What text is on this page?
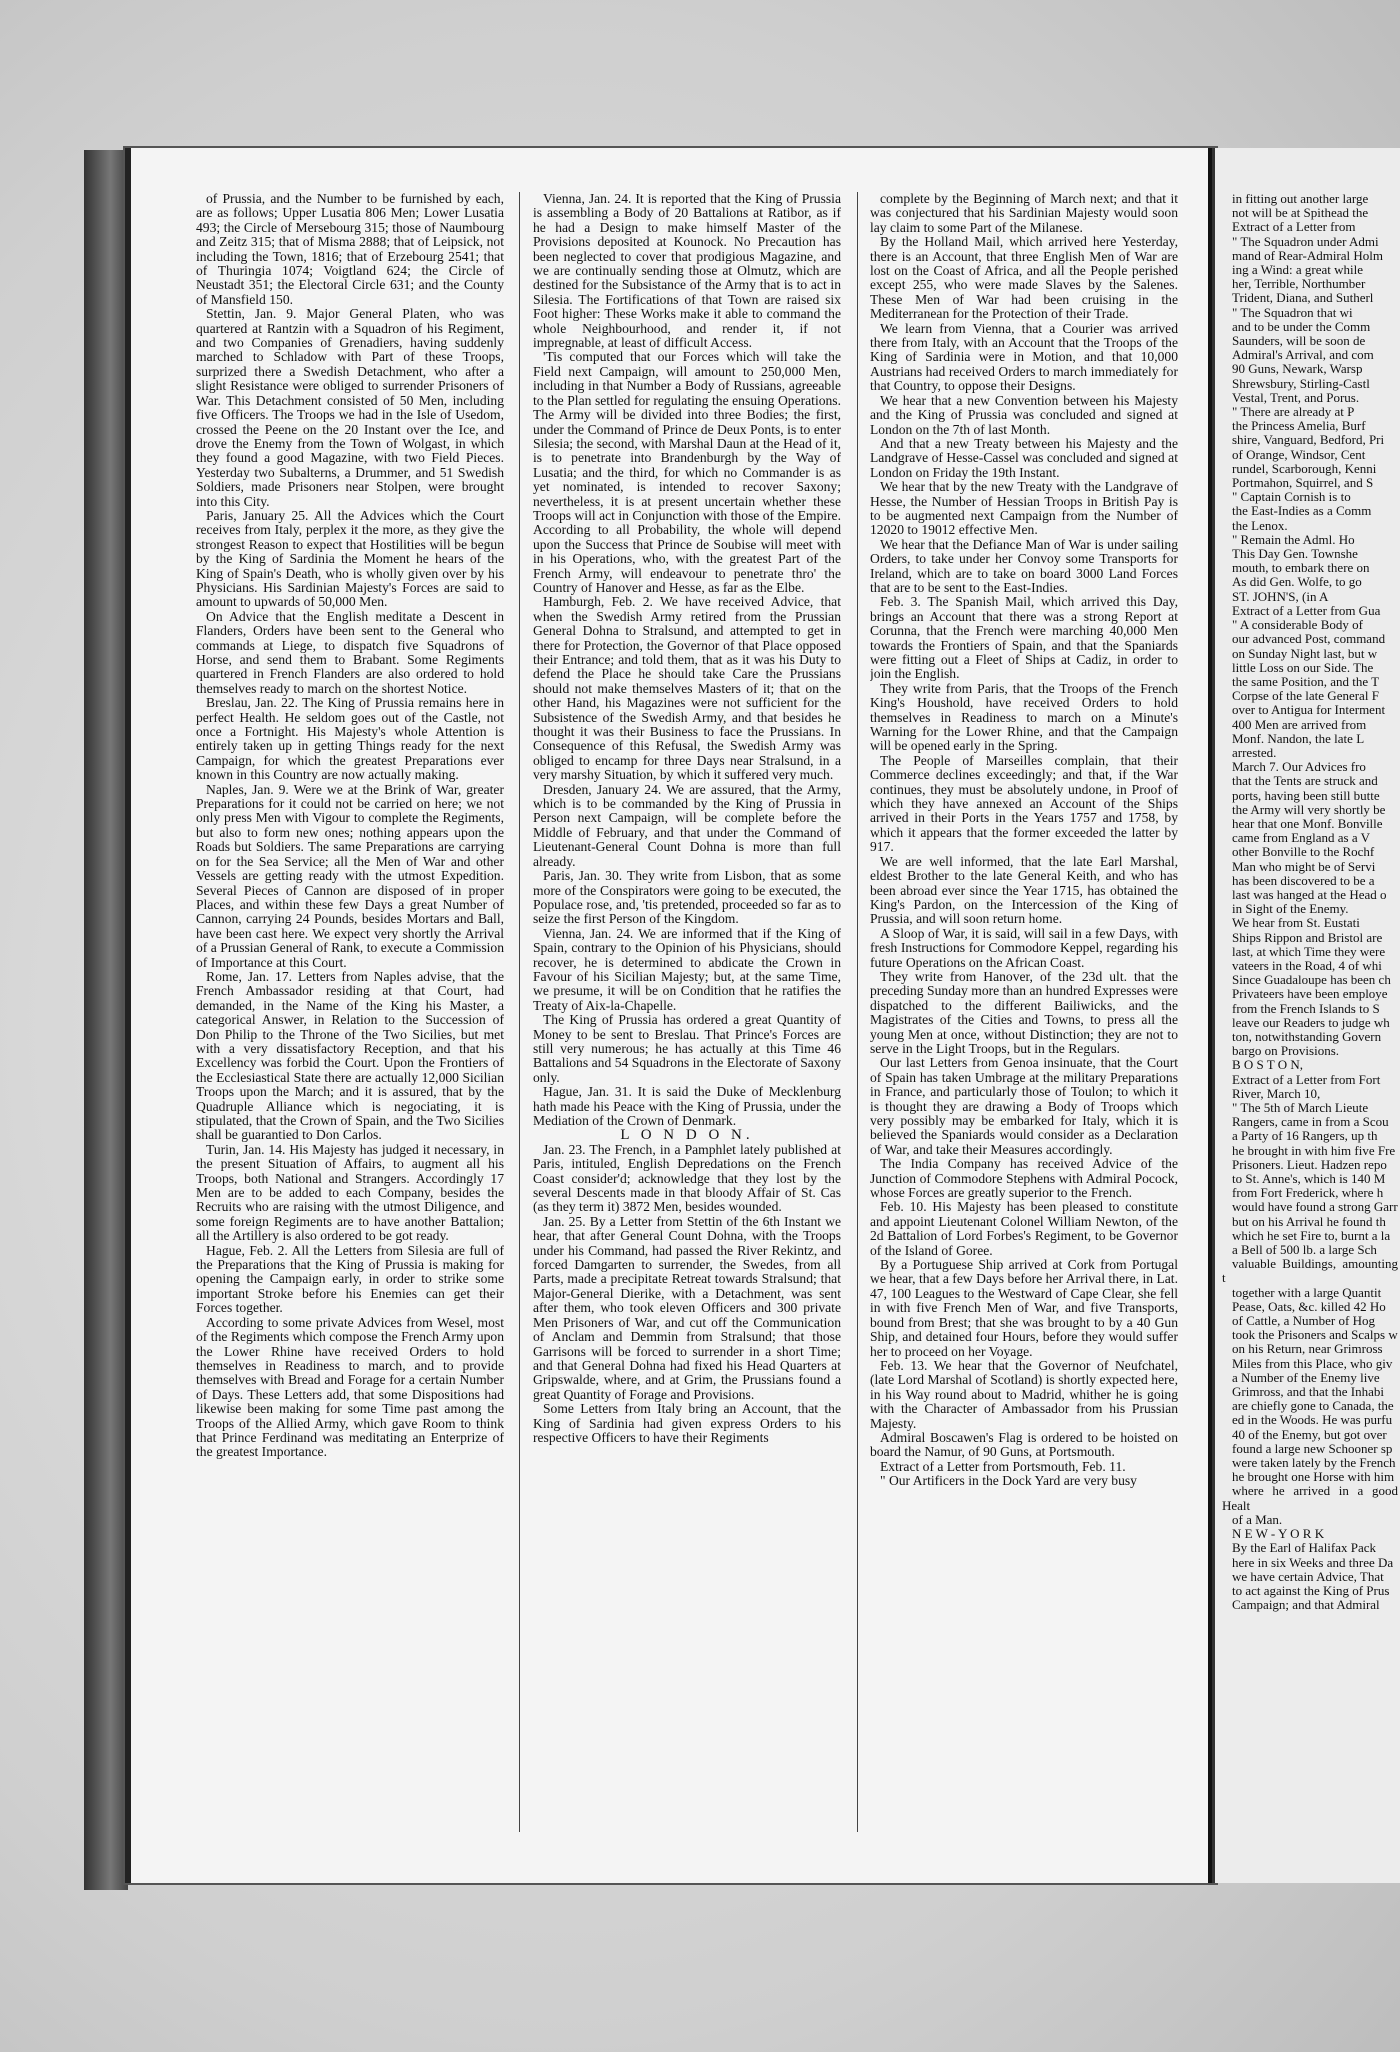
of Prussia, and the Number to be furnished by each, are as follows; Upper Lusatia 806 Men; Lower Lusatia 493; the Circle of Mersebourg 315; those of Naumbourg and Zeitz 315; that of Misma 2888; that of Leipsick, not including the Town, 1816; that of Erzebourg 2541; that of Thuringia 1074; Voigtland 624; the Circle of Neustadt 351; the Electoral Circle 631; and the County of Mansfield 150.

Stettin, Jan. 9. Major General Platen, who was quartered at Rantzin with a Squadron of his Regiment, and two Companies of Grenadiers, having suddenly marched to Schladow with Part of these Troops, surprized there a Swedish Detachment, who after a slight Resistance were obliged to surrender Prisoners of War. This Detachment consisted of 50 Men, including five Officers. The Troops we had in the Isle of Usedom, crossed the Peene on the 20 Instant over the Ice, and drove the Enemy from the Town of Wolgast, in which they found a good Magazine, with two Field Pieces. Yesterday two Subalterns, a Drummer, and 51 Swedish Soldiers, made Prisoners near Stolpen, were brought into this City.

Paris, January 25. All the Advices which the Court receives from Italy, perplex it the more, as they give the strongest Reason to expect that Hostilities will be begun by the King of Sardinia the Moment he hears of the King of Spain's Death, who is wholly given over by his Physicians. His Sardinian Majesty's Forces are said to amount to upwards of 50,000 Men.

On Advice that the English meditate a Descent in Flanders, Orders have been sent to the General who commands at Liege, to dispatch five Squadrons of Horse, and send them to Brabant. Some Regiments quartered in French Flanders are also ordered to hold themselves ready to march on the shortest Notice.

Breslau, Jan. 22. The King of Prussia remains here in perfect Health. He seldom goes out of the Castle, not once a Fortnight. His Majesty's whole Attention is entirely taken up in getting Things ready for the next Campaign, for which the greatest Preparations ever known in this Country are now actually making.

Naples, Jan. 9. Were we at the Brink of War, greater Preparations for it could not be carried on here; we not only press Men with Vigour to complete the Regiments, but also to form new ones; nothing appears upon the Roads but Soldiers. The same Preparations are carrying on for the Sea Service; all the Men of War and other Vessels are getting ready with the utmost Expedition. Several Pieces of Cannon are disposed of in proper Places, and within these few Days a great Number of Cannon, carrying 24 Pounds, besides Mortars and Ball, have been cast here. We expect very shortly the Arrival of a Prussian General of Rank, to execute a Commission of Importance at this Court.

Rome, Jan. 17. Letters from Naples advise, that the French Ambassador residing at that Court, had demanded, in the Name of the King his Master, a categorical Answer, in Relation to the Succession of Don Philip to the Throne of the Two Sicilies, but met with a very dissatisfactory Reception, and that his Excellency was forbid the Court. Upon the Frontiers of the Ecclesiastical State there are actually 12,000 Sicilian Troops upon the March; and it is assured, that by the Quadruple Alliance which is negociating, it is stipulated, that the Crown of Spain, and the Two Sicilies shall be guarantied to Don Carlos.

Turin, Jan. 14. His Majesty has judged it necessary, in the present Situation of Affairs, to augment all his Troops, both National and Strangers. Accordingly 17 Men are to be added to each Company, besides the Recruits who are raising with the utmost Diligence, and some foreign Regiments are to have another Battalion; all the Artillery is also ordered to be got ready.

Hague, Feb. 2. All the Letters from Silesia are full of the Preparations that the King of Prussia is making for opening the Campaign early, in order to strike some important Stroke before his Enemies can get their Forces together.

According to some private Advices from Wesel, most of the Regiments which compose the French Army upon the Lower Rhine have received Orders to hold themselves in Readiness to march, and to provide themselves with Bread and Forage for a certain Number of Days. These Letters add, that some Dispositions had likewise been making for some Time past among the Troops of the Allied Army, which gave Room to think that Prince Ferdinand was meditating an Enterprize of the greatest Importance.

Vienna, Jan. 24. It is reported that the King of Prussia is assembling a Body of 20 Battalions at Ratibor, as if he had a Design to make himself Master of the Provisions deposited at Kounock. No Precaution has been neglected to cover that prodigious Magazine, and we are continually sending those at Olmutz, which are destined for the Subsistance of the Army that is to act in Silesia. The Fortifications of that Town are raised six Foot higher: These Works make it able to command the whole Neighbourhood, and render it, if not impregnable, at least of difficult Access.

'Tis computed that our Forces which will take the Field next Campaign, will amount to 250,000 Men, including in that Number a Body of Russians, agreeable to the Plan settled for regulating the ensuing Operations. The Army will be divided into three Bodies; the first, under the Command of Prince de Deux Ponts, is to enter Silesia; the second, with Marshal Daun at the Head of it, is to penetrate into Brandenburgh by the Way of Lusatia; and the third, for which no Commander is as yet nominated, is intended to recover Saxony; nevertheless, it is at present uncertain whether these Troops will act in Conjunction with those of the Empire. According to all Probability, the whole will depend upon the Success that Prince de Soubise will meet with in his Operations, who, with the greatest Part of the French Army, will endeavour to penetrate thro' the Country of Hanover and Hesse, as far as the Elbe.

Hamburgh, Feb. 2. We have received Advice, that when the Swedish Army retired from the Prussian General Dohna to Stralsund, and attempted to get in there for Protection, the Governor of that Place opposed their Entrance; and told them, that as it was his Duty to defend the Place he should take Care the Prussians should not make themselves Masters of it; that on the other Hand, his Magazines were not sufficient for the Subsistence of the Swedish Army, and that besides he thought it was their Business to face the Prussians. In Consequence of this Refusal, the Swedish Army was obliged to encamp for three Days near Stralsund, in a very marshy Situation, by which it suffered very much.

Dresden, January 24. We are assured, that the Army, which is to be commanded by the King of Prussia in Person next Campaign, will be complete before the Middle of February, and that under the Command of Lieutenant-General Count Dohna is more than full already.

Paris, Jan. 30. They write from Lisbon, that as some more of the Conspirators were going to be executed, the Populace rose, and, 'tis pretended, proceeded so far as to seize the first Person of the Kingdom.

Vienna, Jan. 24. We are informed that if the King of Spain, contrary to the Opinion of his Physicians, should recover, he is determined to abdicate the Crown in Favour of his Sicilian Majesty; but, at the same Time, we presume, it will be on Condition that he ratifies the Treaty of Aix-la-Chapelle.

The King of Prussia has ordered a great Quantity of Money to be sent to Breslau. That Prince's Forces are still very numerous; he has actually at this Time 46 Battalions and 54 Squadrons in the Electorate of Saxony only.

Hague, Jan. 31. It is said the Duke of Mecklenburg hath made his Peace with the King of Prussia, under the Mediation of the Crown of Denmark.

L O N D O N.

Jan. 23. The French, in a Pamphlet lately published at Paris, intituled, English Depredations on the French Coast consider'd; acknowledge that they lost by the several Descents made in that bloody Affair of St. Cas (as they term it) 3872 Men, besides wounded.

Jan. 25. By a Letter from Stettin of the 6th Instant we hear, that after General Count Dohna, with the Troops under his Command, had passed the River Rekintz, and forced Damgarten to surrender, the Swedes, from all Parts, made a precipitate Retreat towards Stralsund; that Major-General Dierike, with a Detachment, was sent after them, who took eleven Officers and 300 private Men Prisoners of War, and cut off the Communication of Anclam and Demmin from Stralsund; that those Garrisons will be forced to surrender in a short Time; and that General Dohna had fixed his Head Quarters at Gripswalde, where, and at Grim, the Prussians found a great Quantity of Forage and Provisions.

Some Letters from Italy bring an Account, that the King of Sardinia had given express Orders to his respective Officers to have their Regiments

complete by the Beginning of March next; and that it was conjectured that his Sardinian Majesty would soon lay claim to some Part of the Milanese.

By the Holland Mail, which arrived here Yesterday, there is an Account, that three English Men of War are lost on the Coast of Africa, and all the People perished except 255, who were made Slaves by the Salenes. These Men of War had been cruising in the Mediterranean for the Protection of their Trade.

We learn from Vienna, that a Courier was arrived there from Italy, with an Account that the Troops of the King of Sardinia were in Motion, and that 10,000 Austrians had received Orders to march immediately for that Country, to oppose their Designs.

We hear that a new Convention between his Majesty and the King of Prussia was concluded and signed at London on the 7th of last Month.

And that a new Treaty between his Majesty and the Landgrave of Hesse-Cassel was concluded and signed at London on Friday the 19th Instant.

We hear that by the new Treaty with the Landgrave of Hesse, the Number of Hessian Troops in British Pay is to be augmented next Campaign from the Number of 12020 to 19012 effective Men.

We hear that the Defiance Man of War is under sailing Orders, to take under her Convoy some Transports for Ireland, which are to take on board 3000 Land Forces that are to be sent to the East-Indies.

Feb. 3. The Spanish Mail, which arrived this Day, brings an Account that there was a strong Report at Corunna, that the French were marching 40,000 Men towards the Frontiers of Spain, and that the Spaniards were fitting out a Fleet of Ships at Cadiz, in order to join the English.

They write from Paris, that the Troops of the French King's Houshold, have received Orders to hold themselves in Readiness to march on a Minute's Warning for the Lower Rhine, and that the Campaign will be opened early in the Spring.

The People of Marseilles complain, that their Commerce declines exceedingly; and that, if the War continues, they must be absolutely undone, in Proof of which they have annexed an Account of the Ships arrived in their Ports in the Years 1757 and 1758, by which it appears that the former exceeded the latter by 917.

We are well informed, that the late Earl Marshal, eldest Brother to the late General Keith, and who has been abroad ever since the Year 1715, has obtained the King's Pardon, on the Intercession of the King of Prussia, and will soon return home.

A Sloop of War, it is said, will sail in a few Days, with fresh Instructions for Commodore Keppel, regarding his future Operations on the African Coast.

They write from Hanover, of the 23d ult. that the preceding Sunday more than an hundred Expresses were dispatched to the different Bailiwicks, and the Magistrates of the Cities and Towns, to press all the young Men at once, without Distinction; they are not to serve in the Light Troops, but in the Regulars.

Our last Letters from Genoa insinuate, that the Court of Spain has taken Umbrage at the military Preparations in France, and particularly those of Toulon; to which it is thought they are drawing a Body of Troops which very possibly may be embarked for Italy, which it is believed the Spaniards would consider as a Declaration of War, and take their Measures accordingly.

The India Company has received Advice of the Junction of Commodore Stephens with Admiral Pocock, whose Forces are greatly superior to the French.

Feb. 10. His Majesty has been pleased to constitute and appoint Lieutenant Colonel William Newton, of the 2d Battalion of Lord Forbes's Regiment, to be Governor of the Island of Goree.

By a Portuguese Ship arrived at Cork from Portugal we hear, that a few Days before her Arrival there, in Lat. 47, 100 Leagues to the Westward of Cape Clear, she fell in with five French Men of War, and five Transports, bound from Brest; that she was brought to by a 40 Gun Ship, and detained four Hours, before they would suffer her to proceed on her Voyage.

Feb. 13. We hear that the Governor of Neufchatel, (late Lord Marshal of Scotland) is shortly expected here, in his Way round about to Madrid, whither he is going with the Character of Ambassador from his Prussian Majesty.

Admiral Boscawen's Flag is ordered to be hoisted on board the Namur, of 90 Guns, at Portsmouth.

Extract of a Letter from Portsmouth, Feb. 11.

" Our Artificers in the Dock Yard are very busy

in fitting out another large

not will be at Spithead the

Extract of a Letter from

" The Squadron under Admi

mand of Rear-Admiral Holm

ing a Wind: a great while

her, Terrible, Northumber

Trident, Diana, and Sutherl

" The Squadron that wi

and to be under the Comm

Saunders, will be soon de

Admiral's Arrival, and com

90 Guns, Newark, Warsp

Shrewsbury, Stirling-Castl

Vestal, Trent, and Porus.

" There are already at P

the Princess Amelia, Burf

shire, Vanguard, Bedford, Pri

of Orange, Windsor, Cent

rundel, Scarborough, Kenni

Portmahon, Squirrel, and S

" Captain Cornish is to

the East-Indies as a Comm

the Lenox.

" Remain the Adml. Ho

This Day Gen. Townshe

mouth, to embark there on

As did Gen. Wolfe, to go

ST. JOHN'S, (in A

Extract of a Letter from Gua

" A considerable Body of

our advanced Post, command

on Sunday Night last, but w

little Loss on our Side. The

the same Position, and the T

Corpse of the late General F

over to Antigua for Interment

400 Men are arrived from

Monf. Nandon, the late L

arrested.

March 7. Our Advices fro

that the Tents are struck and

ports, having been still butte

the Army will very shortly be

hear that one Monf. Bonville

came from England as a V

other Bonville to the Rochf

Man who might be of Servi

has been discovered to be a

last was hanged at the Head o

in Sight of the Enemy.

We hear from St. Eustati

Ships Rippon and Bristol are

last, at which Time they were

vateers in the Road, 4 of whi

Since Guadaloupe has been ch

Privateers have been employe

from the French Islands to S

leave our Readers to judge wh

ton, notwithstanding Govern

bargo on Provisions.

B O S T O N,

Extract of a Letter from Fort

River, March 10,

" The 5th of March Lieute

Rangers, came in from a Scou

a Party of 16 Rangers, up th

he brought in with him five Fre

Prisoners. Lieut. Hadzen repo

to St. Anne's, which is 140 M

from Fort Frederick, where h

would have found a strong Garr

but on his Arrival he found th

which he set Fire to, burnt a la

a Bell of 500 lb. a large Sch

valuable Buildings, amounting t

together with a large Quantit

Pease, Oats, &c. killed 42 Ho

of Cattle, a Number of Hog

took the Prisoners and Scalps w

on his Return, near Grimross

Miles from this Place, who giv

a Number of the Enemy live

Grimross, and that the Inhabi

are chiefly gone to Canada, the

ed in the Woods. He was purfu

40 of the Enemy, but got over

found a large new Schooner sp

were taken lately by the French

he brought one Horse with him

where he arrived in a good Healt

of a Man.

N E W - Y O R K

By the Earl of Halifax Pack

here in six Weeks and three Da

we have certain Advice, That

to act against the King of Prus

Campaign; and that Admiral
